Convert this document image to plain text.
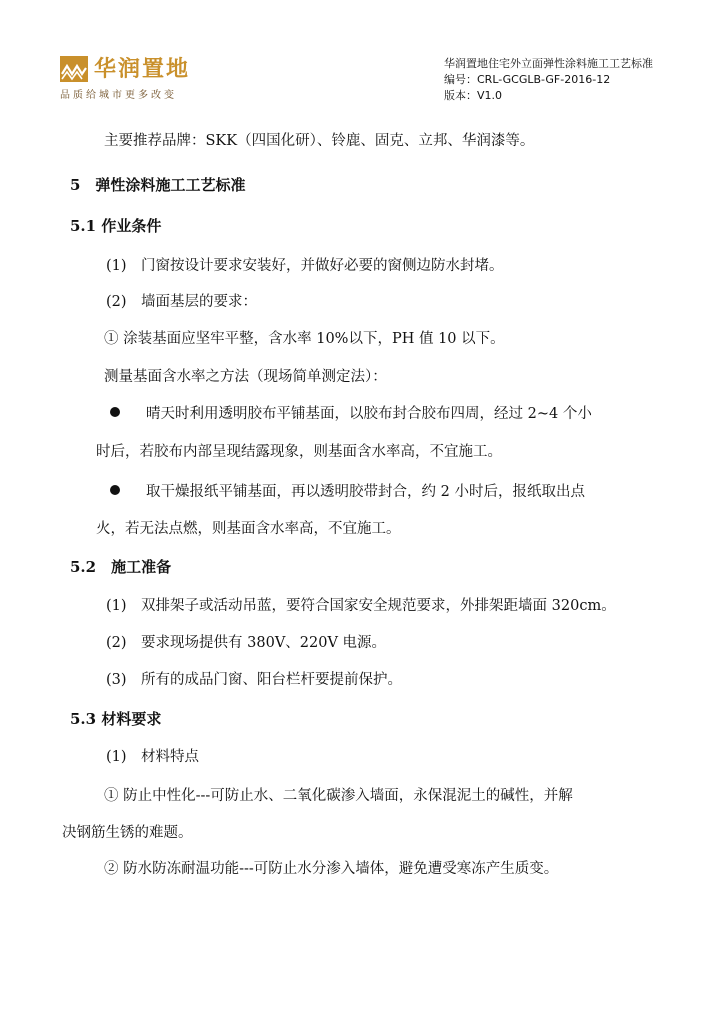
华润置地
品质给城市更多改变
华润置地住宅外立面弹性涂料施工工艺标准
编号：CRL-GCGLB-GF-2016-12
版本：V1.0
主要推荐品牌：SKK（四国化研）、铃鹿、固克、立邦、华润漆等。
5　弹性涂料施工工艺标准
5.1 作业条件
(1)　门窗按设计要求安装好，并做好必要的窗侧边防水封堵。
(2)　墙面基层的要求：
① 涂装基面应坚牢平整，含水率 10%以下，PH 值 10 以下。
测量基面含水率之方法（现场简单测定法）：
晴天时利用透明胶布平铺基面，以胶布封合胶布四周，经过 2~4 个小
时后，若胶布内部呈现结露现象，则基面含水率高，不宜施工。
取干燥报纸平铺基面，再以透明胶带封合，约 2 小时后，报纸取出点
火，若无法点燃，则基面含水率高，不宜施工。
5.2　施工准备
(1)　双排架子或活动吊蓝，要符合国家安全规范要求，外排架距墙面 320cm。
(2)　要求现场提供有 380V、220V 电源。
(3)　所有的成品门窗、阳台栏杆要提前保护。
5.3 材料要求
(1)　材料特点
① 防止中性化---可防止水、二氧化碳渗入墙面，永保混泥土的碱性，并解
决钢筋生锈的难题。
② 防水防冻耐温功能---可防止水分渗入墙体，避免遭受寒冻产生质变。
